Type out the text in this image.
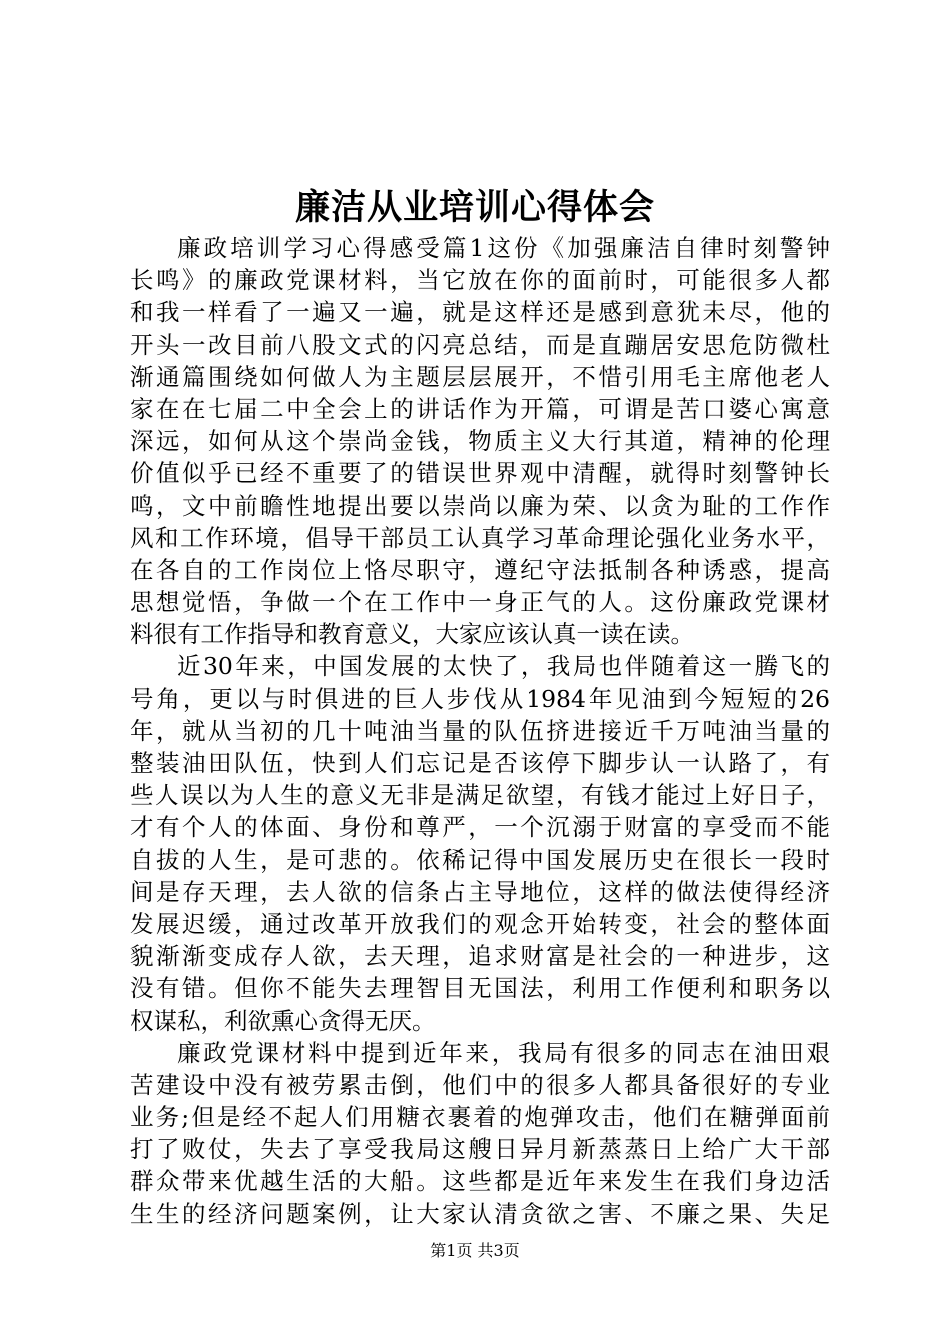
廉洁从业培训心得体会
廉政培训学习心得感受篇1这份《加强廉洁自律时刻警钟
长鸣》的廉政党课材料，当它放在你的面前时，可能很多人都
和我一样看了一遍又一遍，就是这样还是感到意犹未尽，他的
开头一改目前八股文式的闪亮总结，而是直蹦居安思危防微杜
渐通篇围绕如何做人为主题层层展开，不惜引用毛主席他老人
家在在七届二中全会上的讲话作为开篇，可谓是苦口婆心寓意
深远，如何从这个崇尚金钱，物质主义大行其道，精神的伦理
价值似乎已经不重要了的错误世界观中清醒，就得时刻警钟长
鸣，文中前瞻性地提出要以崇尚以廉为荣、以贪为耻的工作作
风和工作环境，倡导干部员工认真学习革命理论强化业务水平，
在各自的工作岗位上恪尽职守，遵纪守法抵制各种诱惑，提高
思想觉悟，争做一个在工作中一身正气的人。这份廉政党课材
料很有工作指导和教育意义，大家应该认真一读在读。
近30年来，中国发展的太快了，我局也伴随着这一腾飞的
号角，更以与时俱进的巨人步伐从1984年见油到今短短的26
年，就从当初的几十吨油当量的队伍挤进接近千万吨油当量的
整装油田队伍，快到人们忘记是否该停下脚步认一认路了，有
些人误以为人生的意义无非是满足欲望，有钱才能过上好日子，
才有个人的体面、身份和尊严，一个沉溺于财富的享受而不能
自拔的人生，是可悲的。依稀记得中国发展历史在很长一段时
间是存天理，去人欲的信条占主导地位，这样的做法使得经济
发展迟缓，通过改革开放我们的观念开始转变，社会的整体面
貌渐渐变成存人欲，去天理，追求财富是社会的一种进步，这
没有错。但你不能失去理智目无国法，利用工作便利和职务以
权谋私，利欲熏心贪得无厌。
廉政党课材料中提到近年来，我局有很多的同志在油田艰
苦建设中没有被劳累击倒，他们中的很多人都具备很好的专业
业务;但是经不起人们用糖衣裹着的炮弹攻击，他们在糖弹面前
打了败仗，失去了享受我局这艘日异月新蒸蒸日上给广大干部
群众带来优越生活的大船。这些都是近年来发生在我们身边活
生生的经济问题案例，让大家认清贪欲之害、不廉之果、失足
第1页 共3页
